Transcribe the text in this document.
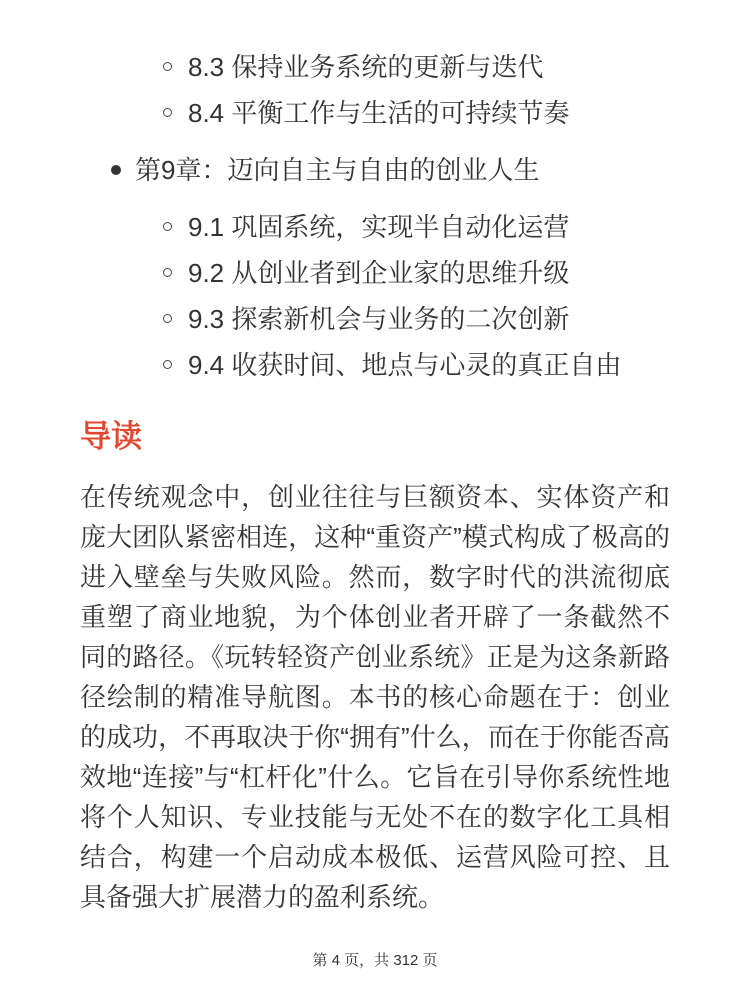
8.3 保持业务系统的更新与迭代
8.4 平衡工作与生活的可持续节奏
第9章：迈向自主与自由的创业人生
9.1 巩固系统，实现半自动化运营
9.2 从创业者到企业家的思维升级
9.3 探索新机会与业务的二次创新
9.4 收获时间、地点与心灵的真正自由
导读

在传统观念中，创业往往与巨额资本、实体资产和庞大团队紧密相连，这种“重资产”模式构成了极高的进入壁垒与失败风险。然而，数字时代的洪流彻底重塑了商业地貌，为个体创业者开辟了一条截然不同的路径。《玩转轻资产创业系统》正是为这条新路径绘制的精准导航图。本书的核心命题在于：创业的成功，不再取决于你“拥有”什么，而在于你能否高效地“连接”与“杠杆化”什么。它旨在引导你系统性地将个人知识、专业技能与无处不在的数字化工具相结合，构建一个启动成本极低、运营风险可控、且具备强大扩展潜力的盈利系统。

第 4 页，共 312 页
